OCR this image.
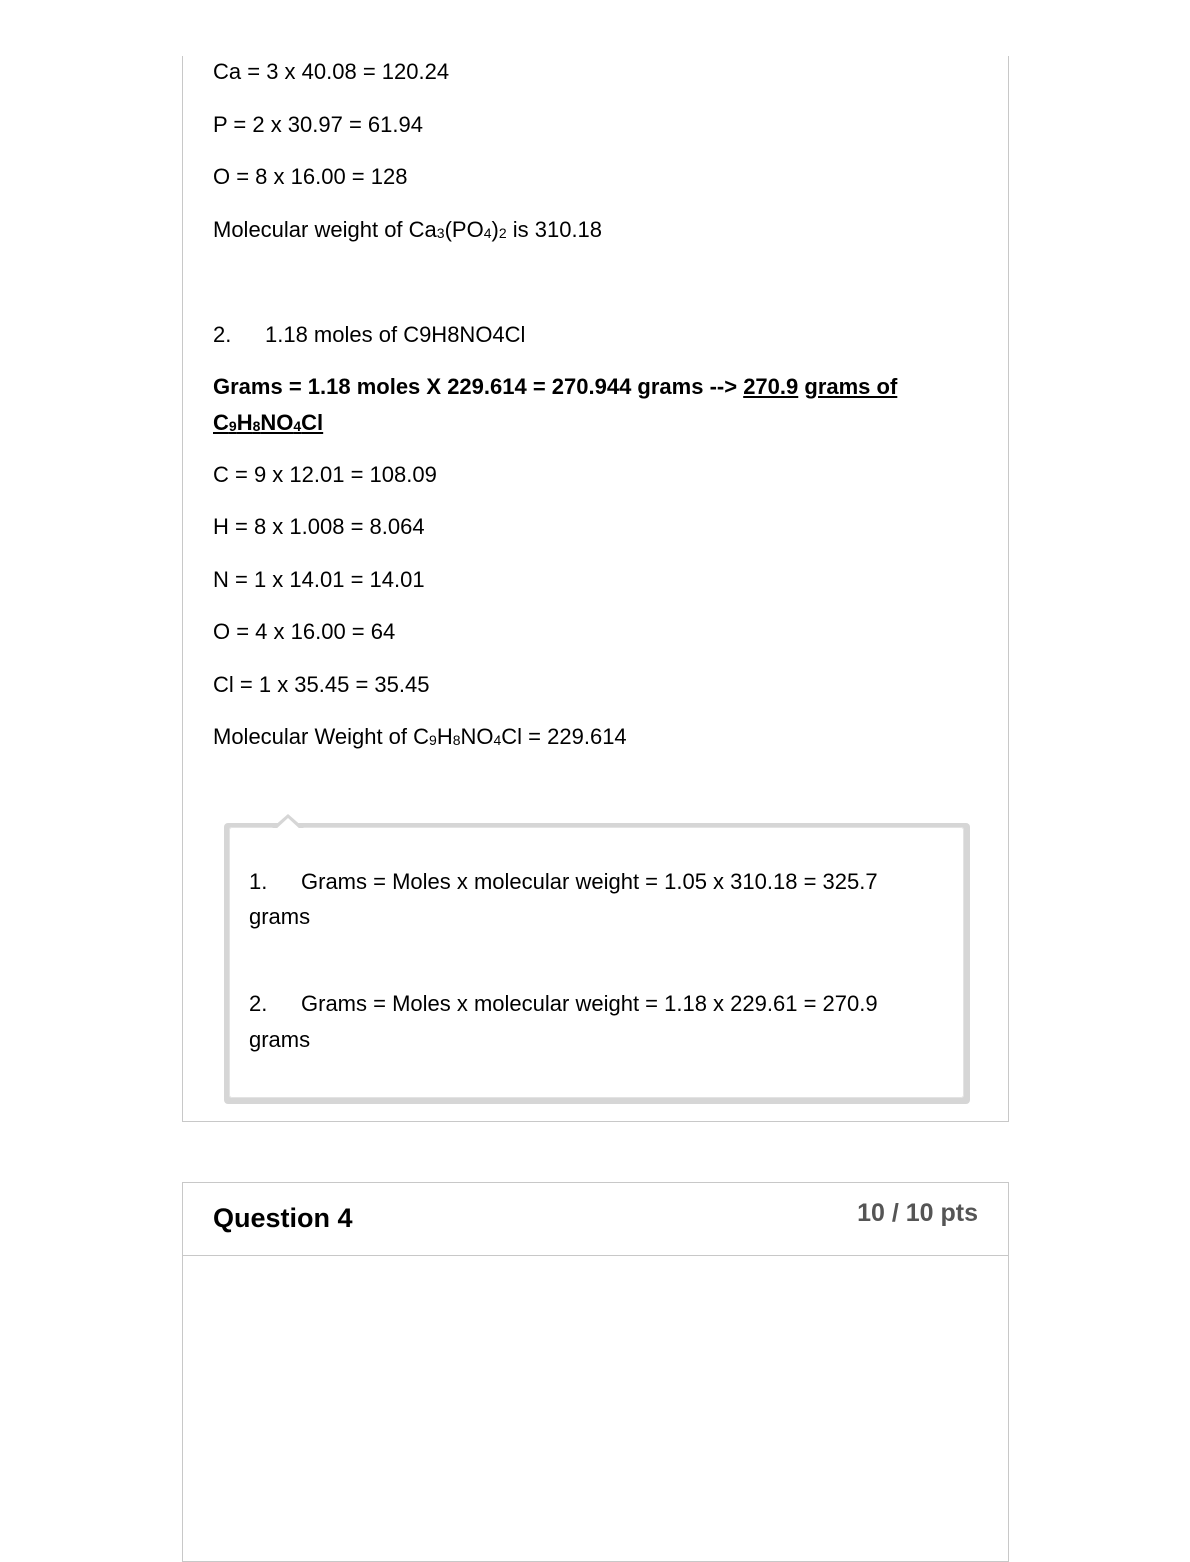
Ca = 3 x 40.08 = 120.24
P = 2 x 30.97 = 61.94
O = 8 x 16.00 = 128
Molecular weight of $Ca_3(PO_4)_2$ is 310.18
2. 1.18 moles of C9H8NO4Cl
Grams = 1.18 moles X 229.614 = 270.944 grams --> 270.9 grams of
$C_9H_8NO_4Cl$
C = 9 x 12.01 = 108.09
H = 8 x 1.008 = 8.064
N = 1 x 14.01 = 14.01
O = 4 x 16.00 = 64
Cl = 1 x 35.45 = 35.45
Molecular Weight of $C_9H_8NO_4Cl = 229.614$
1. Grams = Moles x molecular weight = 1.05 x 310.18 = 325.7
grams
2. Grams = Moles x molecular weight = 1.18 x 229.61 = 270.9
grams
Question 4	10 / 10 pts
